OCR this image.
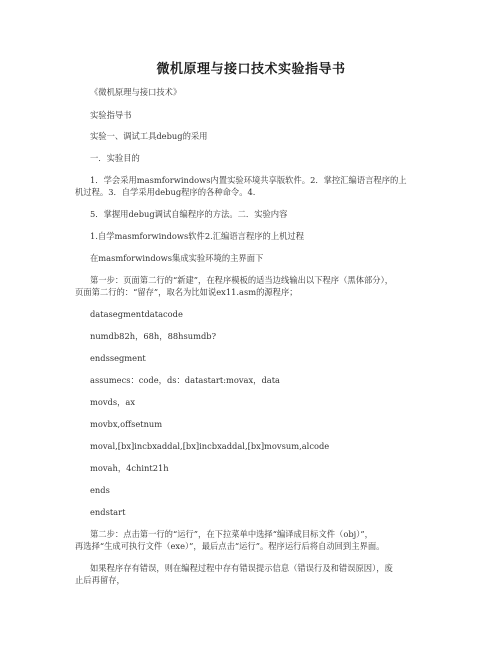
微机原理与接口技术实验指导书
《微机原理与接口技术》
实验指导书
实验一、调试工具debug的采用
一．实验目的
1．学会采用masmforwindows内置实验环境共享版软件。2．掌控汇编语言程序的上
机过程。3．自学采用debug程序的各种命令。4.
5．掌握用debug调试自编程序的方法。二．实验内容
1.自学masmforwindows软件2.汇编语言程序的上机过程
在masmforwindows集成实验环境的主界面下
第一步：页面第二行的“新建”，在程序模板的适当边线输出以下程序（黑体部分），
页面第二行的：“留存”，取名为比如说ex11.asm的源程序；
datasegmentdatacode
numdb82h，68h，88hsumdb?
endssegment
assumecs：code，ds：datastart:movax，data
movds，ax
movbx,offsetnum
moval,[bx]incbxaddal,[bx]incbxaddal,[bx]movsum,alcode
movah，4chint21h
ends
endstart
第二步：点击第一行的“运行”，在下拉菜单中选择“编译成目标文件（obj）”，
再选择“生成可执行文件（exe）”，最后点击“运行”。程序运行后将自动回到主界面。
如果程序存有错误，则在编程过程中存有错误提示信息（错误行及和错误原因），废
止后再留存，
